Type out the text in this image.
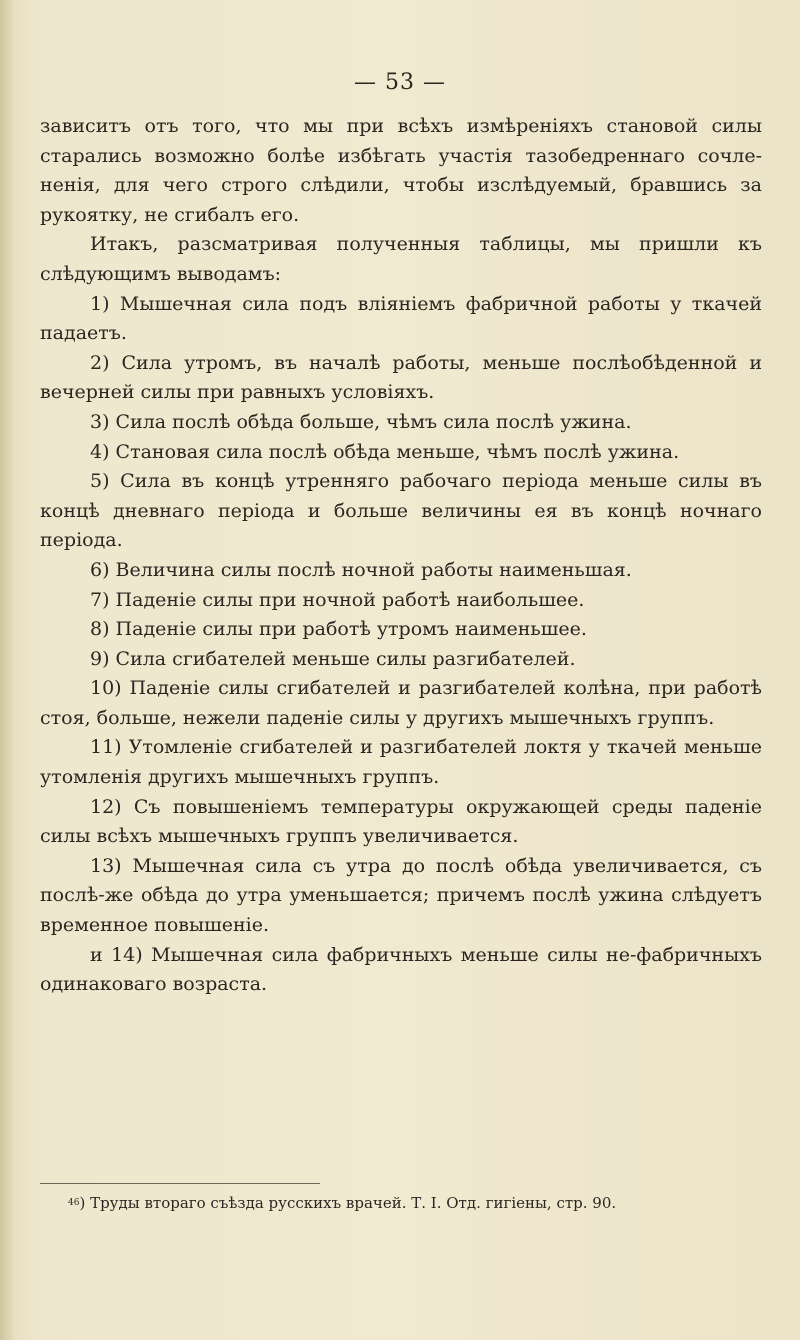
— 53 —

зависитъ отъ того, что мы при всѣхъ измѣреніяхъ становой силы старались возможно болѣе избѣгать участія тазобедреннаго сочлененія, для чего строго слѣдили, чтобы изслѣдуемый, бравшись за рукоятку, не сгибалъ его.

Итакъ, разсматривая полученныя таблицы, мы пришли къ слѣдующимъ выводамъ:

1) Мышечная сила подъ вліяніемъ фабричной работы у ткачей падаетъ.

2) Сила утромъ, въ началѣ работы, меньше послѣобѣденной и вечерней силы при равныхъ условіяхъ.

3) Сила послѣ обѣда больше, чѣмъ сила послѣ ужина.

4) Становая сила послѣ обѣда меньше, чѣмъ послѣ ужина.

5) Сила въ концѣ утренняго рабочаго періода меньше силы въ концѣ дневнаго періода и больше величины ея въ концѣ ночнаго періода.

6) Величина силы послѣ ночной работы наименьшая.

7) Паденіе силы при ночной работѣ наибольшее.

8) Паденіе силы при работѣ утромъ наименьшее.

9) Сила сгибателей меньше силы разгибателей.

10) Паденіе силы сгибателей и разгибателей колѣна, при работѣ стоя, больше, нежели паденіе силы у другихъ мышечныхъ группъ.

11) Утомленіе сгибателей и разгибателей локтя у ткачей меньше утомленія другихъ мышечныхъ группъ.

12) Съ повышеніемъ температуры окружающей среды паденіе силы всѣхъ мышечныхъ группъ увеличивается.

13) Мышечная сила съ утра до послѣ обѣда увеличивается, съ послѣ-же обѣда до утра уменьшается; причемъ послѣ ужина слѣдуетъ временное повышеніе.

и 14) Мышечная сила фабричныхъ меньше силы не-фабричныхъ одинаковаго возраста.

$^{46}$) Труды втораго съѣзда русскихъ врачей. Т. I. Отд. гигіены, стр. 90.
